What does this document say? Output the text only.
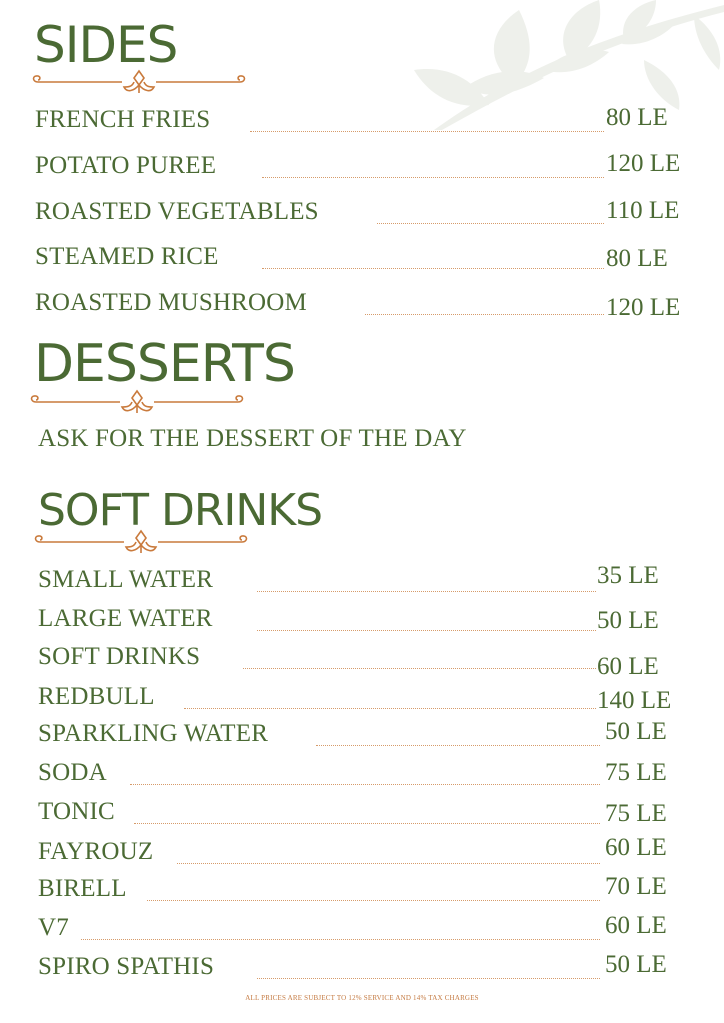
SIDES
FRENCH FRIES	80 LE
POTATO PUREE	120 LE
ROASTED VEGETABLES	110 LE
STEAMED RICE	80 LE
ROASTED MUSHROOM	120 LE
DESSERTS

ASK FOR THE DESSERT OF THE DAY

SOFT DRINKS
SMALL WATER	35 LE
LARGE WATER	50 LE
SOFT DRINKS	60 LE
REDBULL	140 LE
SPARKLING WATER	50 LE
SODA	75 LE
TONIC	75 LE
FAYROUZ	60 LE
BIRELL	70 LE
V7	60 LE
SPIRO SPATHIS	50 LE
ALL PRICES ARE SUBJECT TO 12% SERVICE AND 14% TAX CHARGES
